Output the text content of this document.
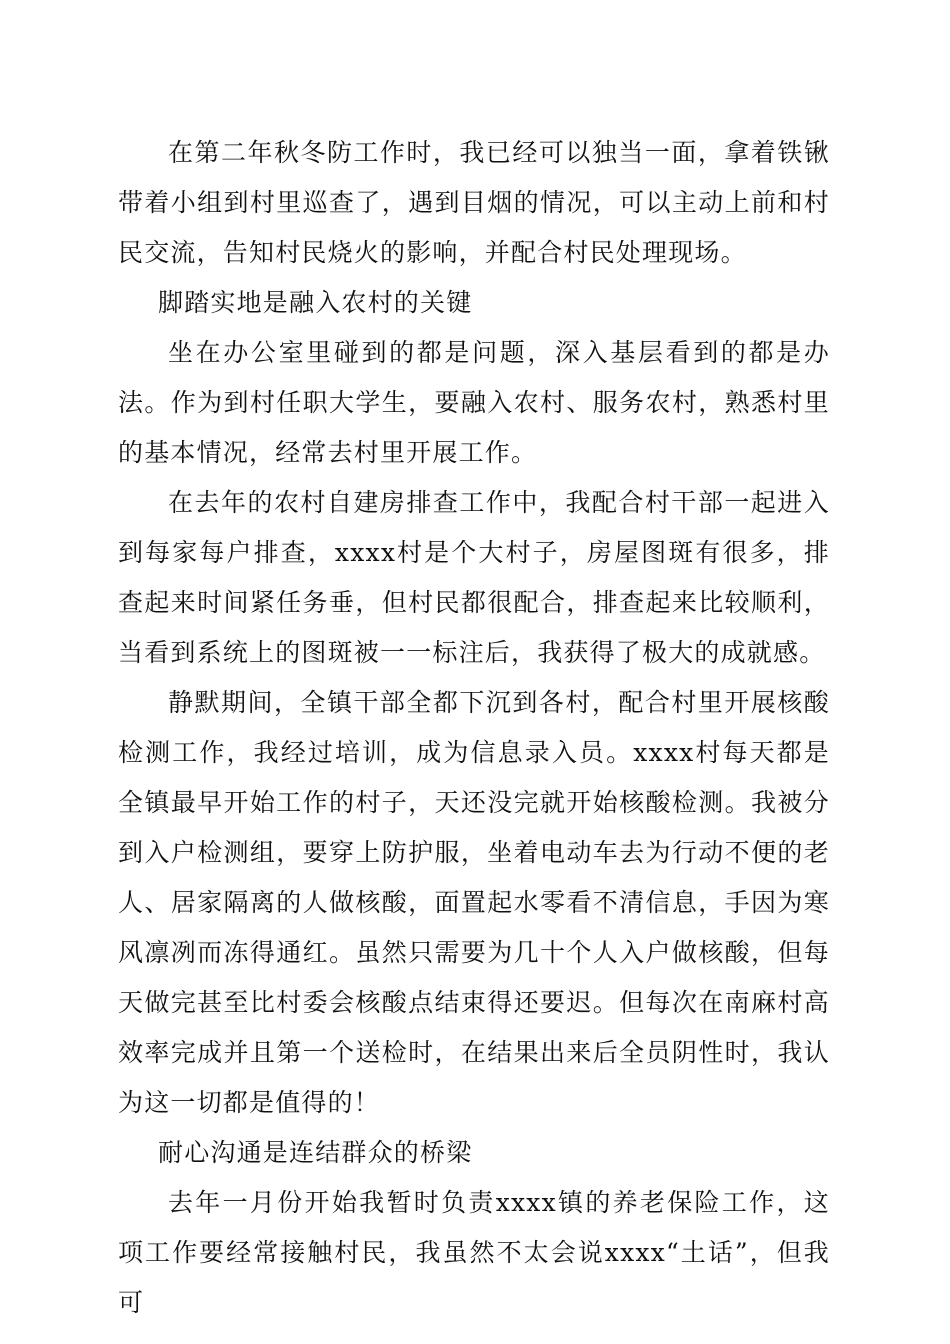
在第二年秋冬防工作时，我已经可以独当一面，拿着铁锹带着小组到村里巡查了，遇到目烟的情况，可以主动上前和村民交流，告知村民烧火的影响，并配合村民处理现场。

脚踏实地是融入农村的关键

坐在办公室里碰到的都是问题，深入基层看到的都是办法。作为到村任职大学生，要融入农村、服务农村，熟悉村里的基本情况，经常去村里开展工作。

在去年的农村自建房排查工作中，我配合村干部一起进入到每家每户排查，xxxx村是个大村子，房屋图斑有很多，排查起来时间紧任务垂，但村民都很配合，排查起来比较顺利，当看到系统上的图斑被一一标注后，我获得了极大的成就感。

静默期间，全镇干部全都下沉到各村，配合村里开展核酸检测工作，我经过培训，成为信息录入员。xxxx村每天都是全镇最早开始工作的村子，天还没完就开始核酸检测。我被分到入户检测组，要穿上防护服，坐着电动车去为行动不便的老人、居家隔离的人做核酸，面置起水零看不清信息，手因为寒风凛冽而冻得通红。虽然只需要为几十个人入户做核酸，但每天做完甚至比村委会核酸点结束得还要迟。但每次在南麻村高效率完成并且第一个送检时，在结果出来后全员阴性时，我认为这一切都是值得的！

耐心沟通是连结群众的桥梁

去年一月份开始我暂时负责xxxx镇的养老保险工作，这项工作要经常接触村民，我虽然不太会说xxxx“土话”，但我可
